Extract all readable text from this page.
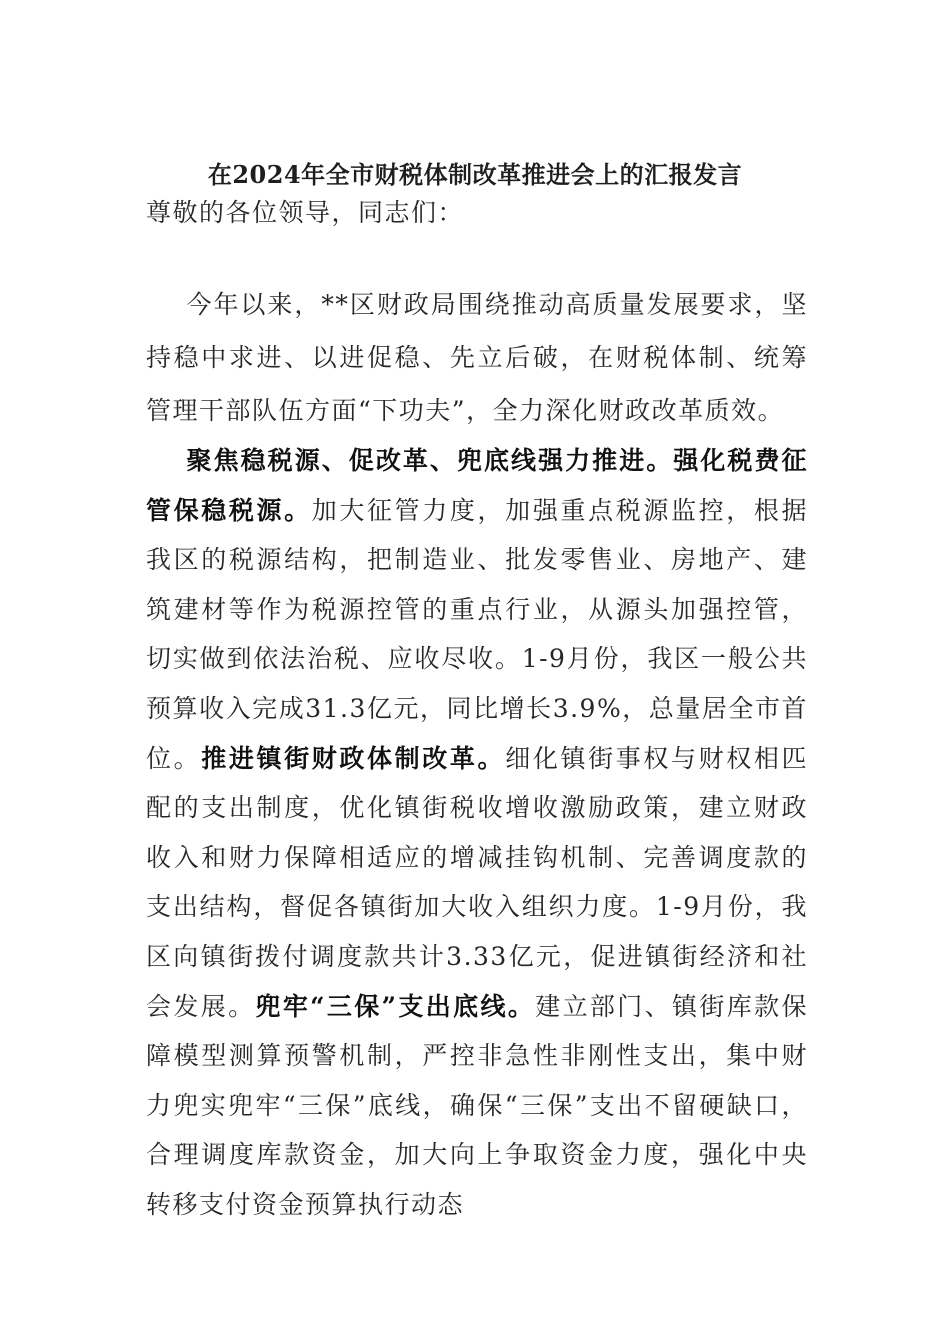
在2024年全市财税体制改革推进会上的汇报发言
尊敬的各位领导，同志们：

今年以来，**区财政局围绕推动高质量发展要求，坚持稳中求进、以进促稳、先立后破，在财税体制、统筹管理干部队伍方面“下功夫”，全力深化财政改革质效。

聚焦稳税源、促改革、兜底线强力推进。强化税费征管保稳税源。加大征管力度，加强重点税源监控，根据我区的税源结构，把制造业、批发零售业、房地产、建筑建材等作为税源控管的重点行业，从源头加强控管，切实做到依法治税、应收尽收。1-9月份，我区一般公共预算收入完成31.3亿元，同比增长3.9%，总量居全市首位。推进镇街财政体制改革。细化镇街事权与财权相匹配的支出制度，优化镇街税收增收激励政策，建立财政收入和财力保障相适应的增减挂钩机制、完善调度款的支出结构，督促各镇街加大收入组织力度。1-9月份，我区向镇街拨付调度款共计3.33亿元，促进镇街经济和社会发展。兜牢“三保”支出底线。建立部门、镇街库款保障模型测算预警机制，严控非急性非刚性支出，集中财力兜实兜牢“三保”底线，确保“三保”支出不留硬缺口，合理调度库款资金，加大向上争取资金力度，强化中央转移支付资金预算执行动态
